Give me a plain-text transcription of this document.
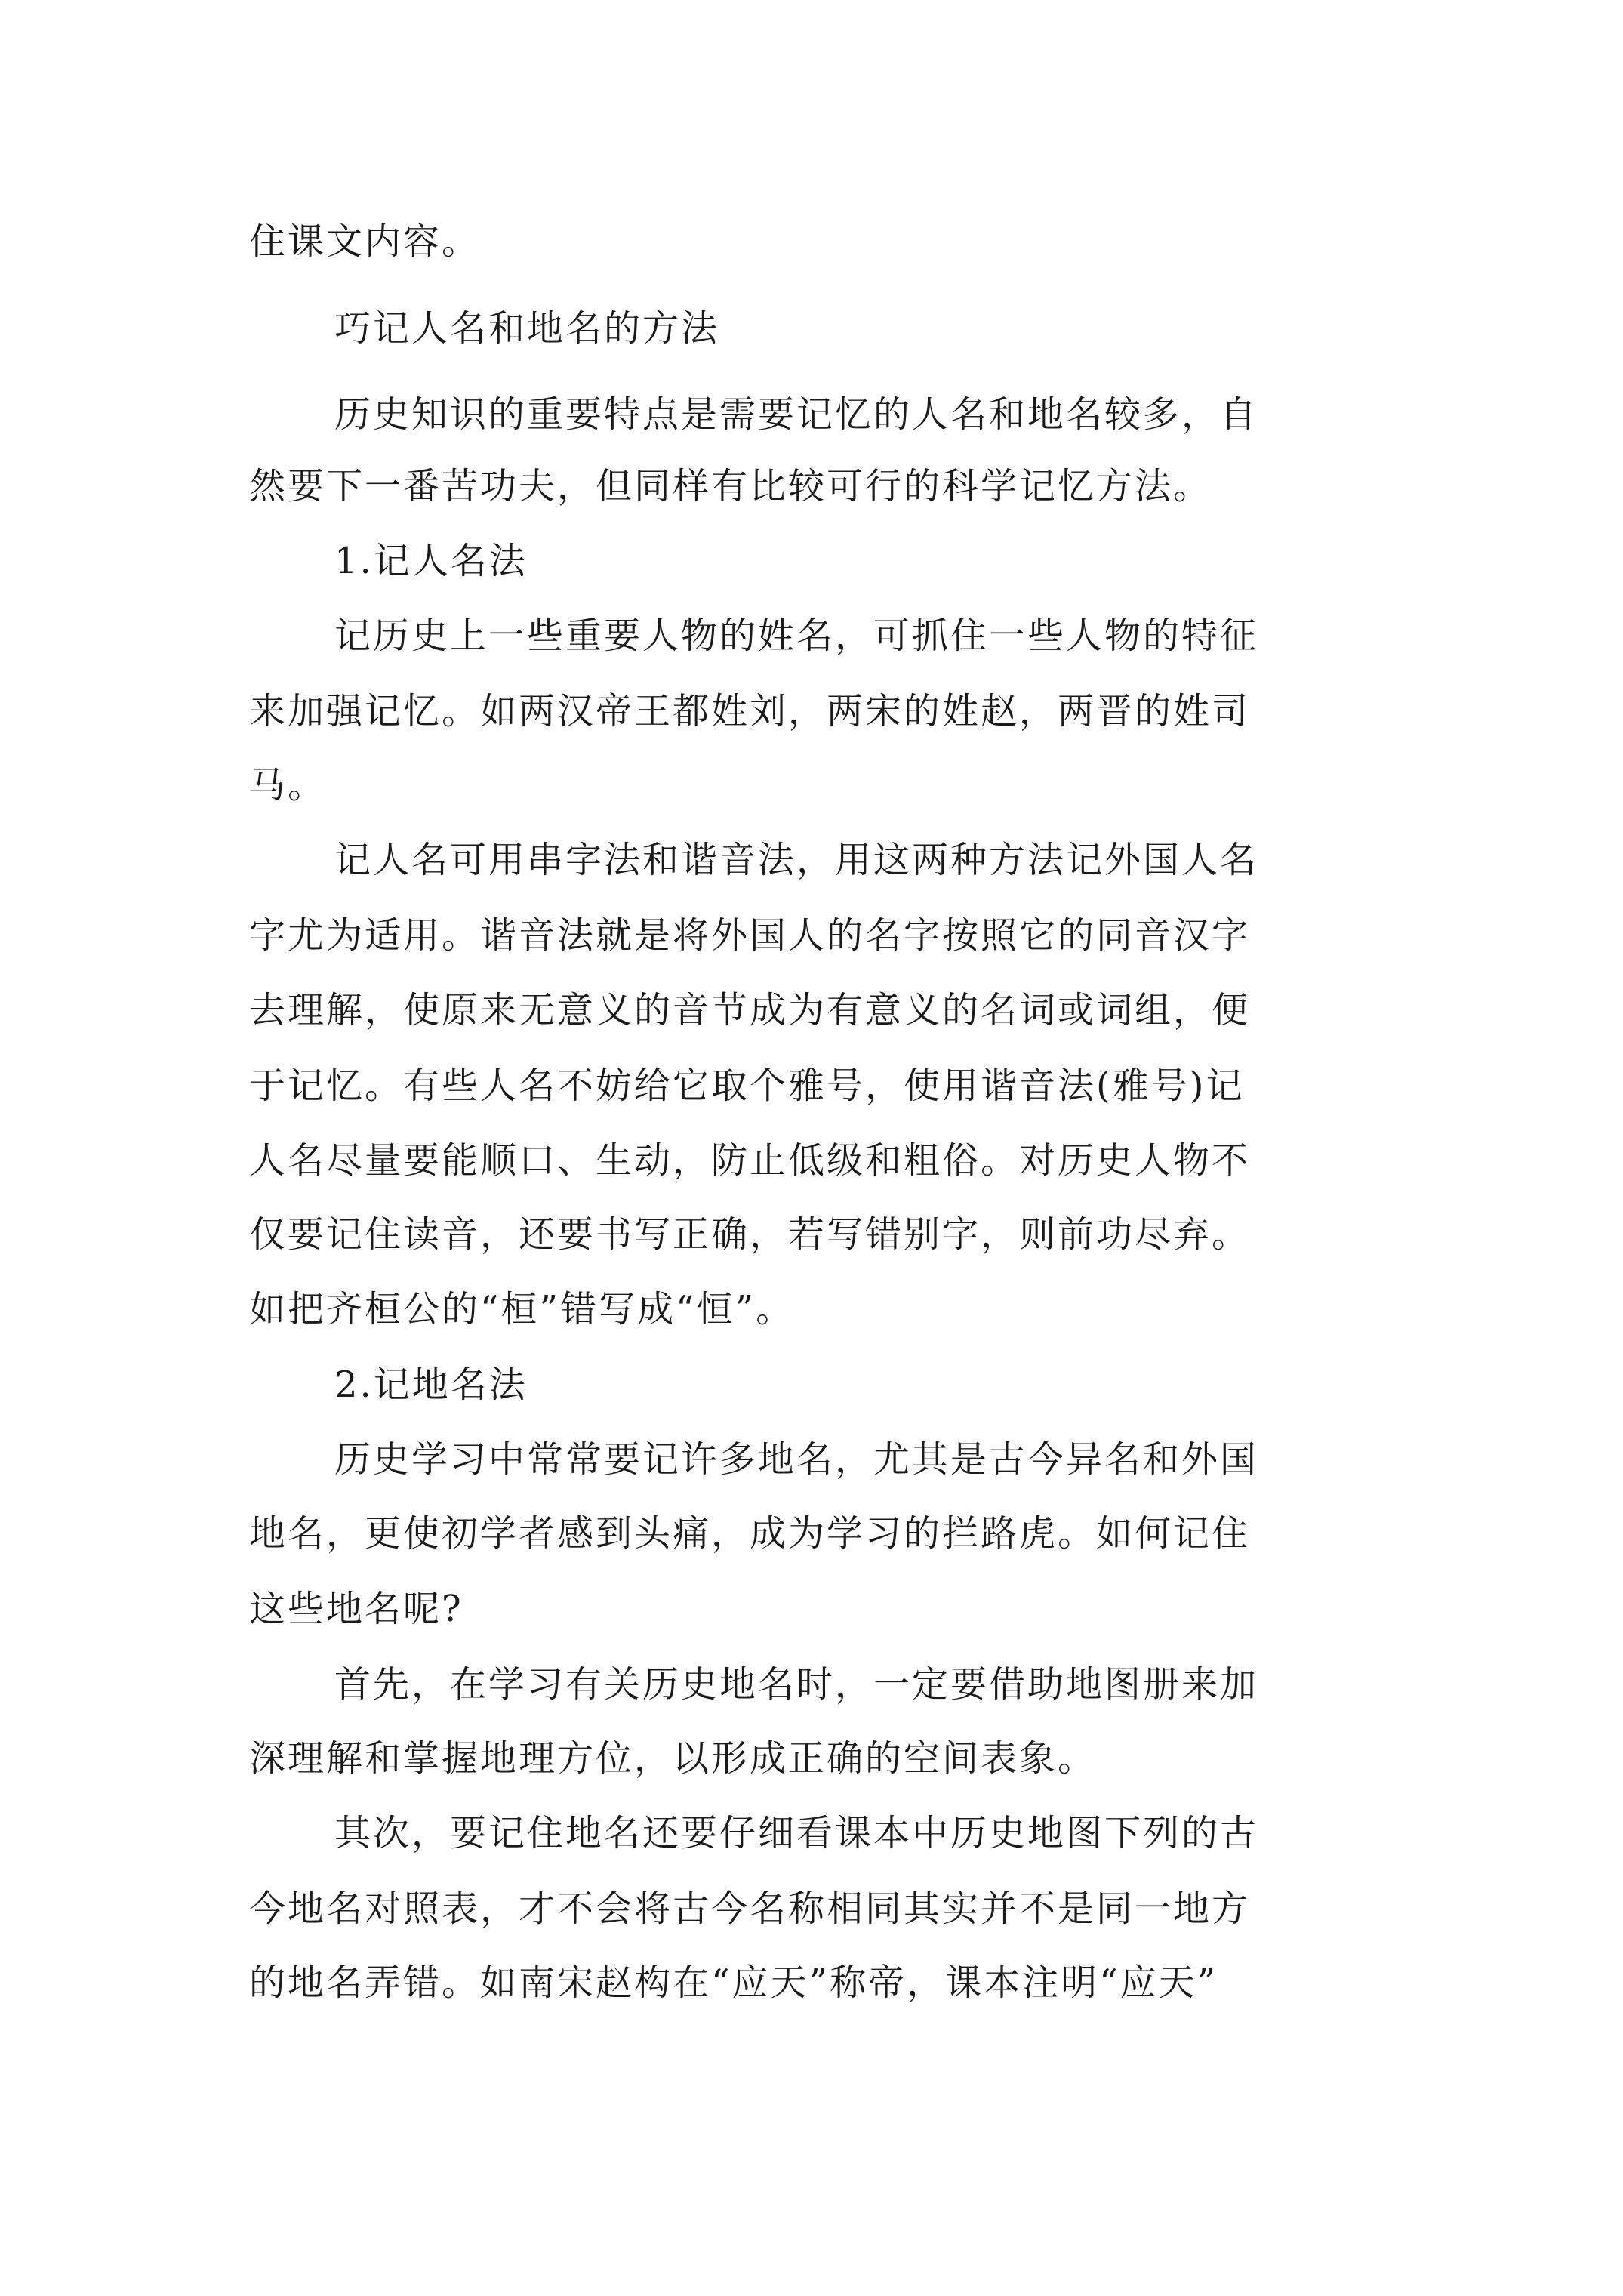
住课文内容。
巧记人名和地名的方法
历史知识的重要特点是需要记忆的人名和地名较多，自
然要下一番苦功夫，但同样有比较可行的科学记忆方法。
1.记人名法
记历史上一些重要人物的姓名，可抓住一些人物的特征
来加强记忆。如两汉帝王都姓刘，两宋的姓赵，两晋的姓司
马。
记人名可用串字法和谐音法，用这两种方法记外国人名
字尤为适用。谐音法就是将外国人的名字按照它的同音汉字
去理解，使原来无意义的音节成为有意义的名词或词组，便
于记忆。有些人名不妨给它取个雅号，使用谐音法(雅号)记
人名尽量要能顺口、生动，防止低级和粗俗。对历史人物不
仅要记住读音，还要书写正确，若写错别字，则前功尽弃。
如把齐桓公的“桓”错写成“恒”。
2.记地名法
历史学习中常常要记许多地名，尤其是古今异名和外国
地名，更使初学者感到头痛，成为学习的拦路虎。如何记住
这些地名呢?
首先，在学习有关历史地名时，一定要借助地图册来加
深理解和掌握地理方位，以形成正确的空间表象。
其次，要记住地名还要仔细看课本中历史地图下列的古
今地名对照表，才不会将古今名称相同其实并不是同一地方
的地名弄错。如南宋赵构在“应天”称帝，课本注明“应天”
